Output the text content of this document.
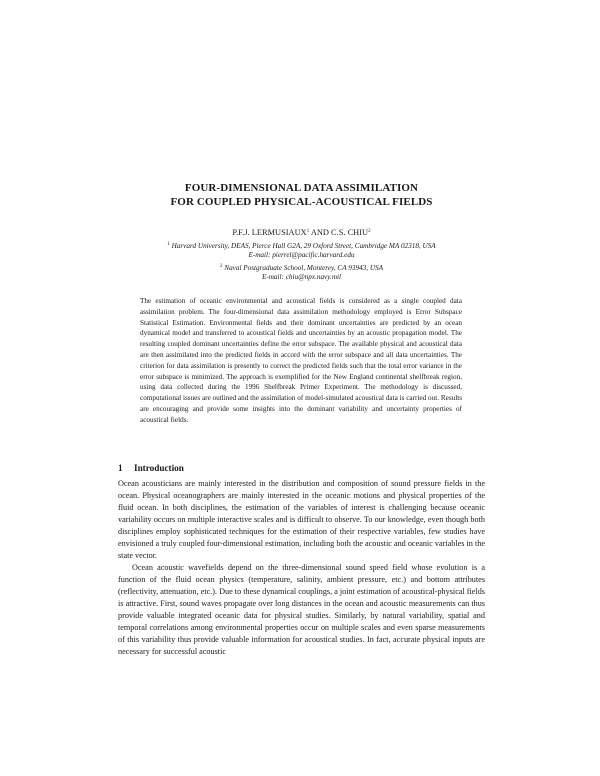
FOUR-DIMENSIONAL DATA ASSIMILATION
FOR COUPLED PHYSICAL-ACOUSTICAL FIELDS
P.F.J. LERMUSIAUX$^1$ AND C.S. CHIU$^2$
$^1$ Harvard University, DEAS, Pierce Hall G2A, 29 Oxford Street, Cambridge MA 02318, USA
E-mail: pierrel@pacific.harvard.edu
$^2$ Naval Postgraduate School, Monterey, CA 93943, USA
E-mail: chiu@npx.navy.mil

The estimation of oceanic environmental and acoustical fields is considered as a single coupled data assimilation problem. The four-dimensional data assimilation methodology employed is Error Subspace Statistical Estimation. Environmental fields and their dominant uncertainties are predicted by an ocean dynamical model and transferred to acoustical fields and uncertainties by an acoustic propagation model. The resulting coupled dominant uncertainties define the error subspace. The available physical and acoustical data are then assimilated into the predicted fields in accord with the error subspace and all data uncertainties. The criterion for data assimilation is presently to correct the predicted fields such that the total error variance in the error subspace is minimized. The approach is exemplified for the New England continental shelfbreak region, using data collected during the 1996 Shelfbreak Primer Experiment. The methodology is discussed, computational issues are outlined and the assimilation of model-simulated acoustical data is carried out. Results are encouraging and provide some insights into the dominant variability and uncertainty properties of acoustical fields.

1 Introduction

Ocean acousticians are mainly interested in the distribution and composition of sound pressure fields in the ocean. Physical oceanographers are mainly interested in the oceanic motions and physical properties of the fluid ocean. In both disciplines, the estimation of the variables of interest is challenging because oceanic variability occurs on multiple interactive scales and is difficult to observe. To our knowledge, even though both disciplines employ sophisticated techniques for the estimation of their respective variables, few studies have envisioned a truly coupled four-dimensional estimation, including both the acoustic and oceanic variables in the state vector.

Ocean acoustic wavefields depend on the three-dimensional sound speed field whose evolution is a function of the fluid ocean physics (temperature, salinity, ambient pressure, etc.) and bottom attributes (reflectivity, attenuation, etc.). Due to these dynamical couplings, a joint estimation of acoustical-physical fields is attractive. First, sound waves propagate over long distances in the ocean and acoustic measurements can thus provide valuable integrated oceanic data for physical studies. Similarly, by natural variability, spatial and temporal correlations among environmental properties occur on multiple scales and even sparse measurements of this variability thus provide valuable information for acoustical studies. In fact, accurate physical inputs are necessary for successful acoustic
